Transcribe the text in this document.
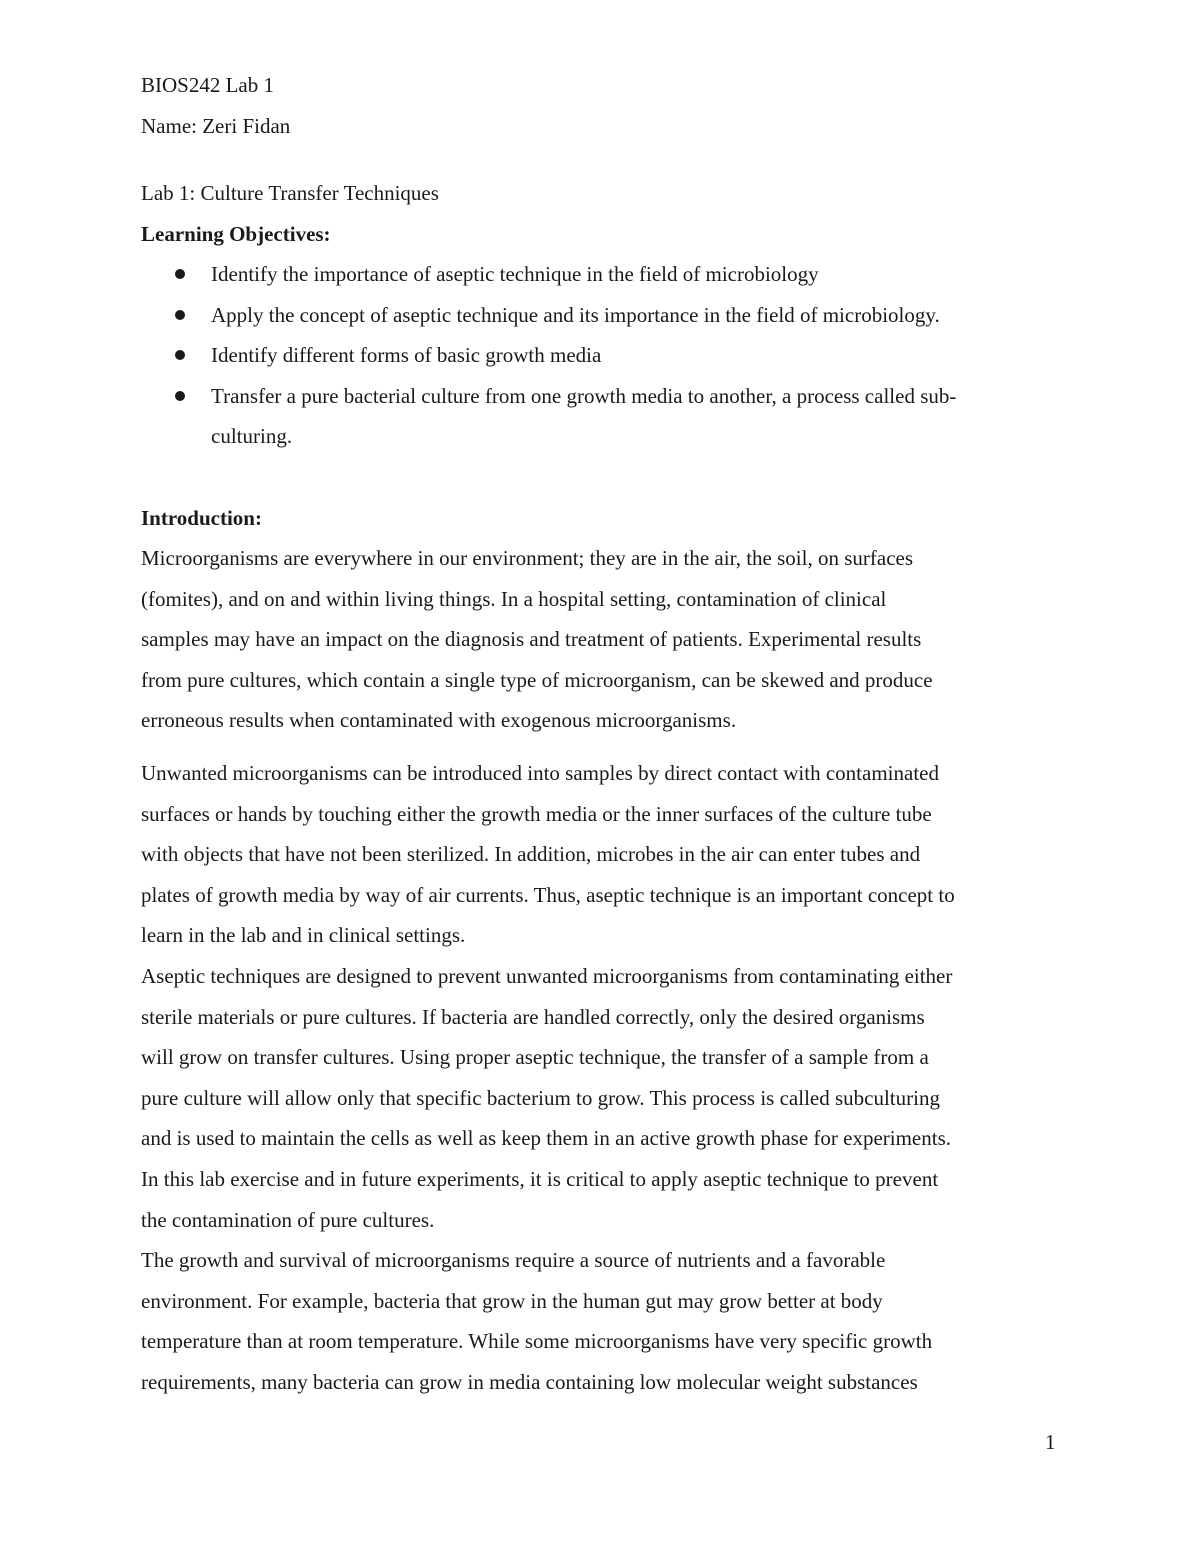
BIOS242 Lab 1
Name: Zeri Fidan
Lab 1: Culture Transfer Techniques
Learning Objectives:
Identify the importance of aseptic technique in the field of microbiology
Apply the concept of aseptic technique and its importance in the field of microbiology.
Identify different forms of basic growth media
Transfer a pure bacterial culture from one growth media to another, a process called sub-
culturing.
Introduction:
Microorganisms are everywhere in our environment; they are in the air, the soil, on surfaces
(fomites), and on and within living things. In a hospital setting, contamination of clinical
samples may have an impact on the diagnosis and treatment of patients. Experimental results
from pure cultures, which contain a single type of microorganism, can be skewed and produce
erroneous results when contaminated with exogenous microorganisms.
Unwanted microorganisms can be introduced into samples by direct contact with contaminated
surfaces or hands by touching either the growth media or the inner surfaces of the culture tube
with objects that have not been sterilized. In addition, microbes in the air can enter tubes and
plates of growth media by way of air currents. Thus, aseptic technique is an important concept to
learn in the lab and in clinical settings.
Aseptic techniques are designed to prevent unwanted microorganisms from contaminating either
sterile materials or pure cultures. If bacteria are handled correctly, only the desired organisms
will grow on transfer cultures. Using proper aseptic technique, the transfer of a sample from a
pure culture will allow only that specific bacterium to grow. This process is called subculturing
and is used to maintain the cells as well as keep them in an active growth phase for experiments.
In this lab exercise and in future experiments, it is critical to apply aseptic technique to prevent
the contamination of pure cultures.
The growth and survival of microorganisms require a source of nutrients and a favorable
environment. For example, bacteria that grow in the human gut may grow better at body
temperature than at room temperature. While some microorganisms have very specific growth
requirements, many bacteria can grow in media containing low molecular weight substances
1
